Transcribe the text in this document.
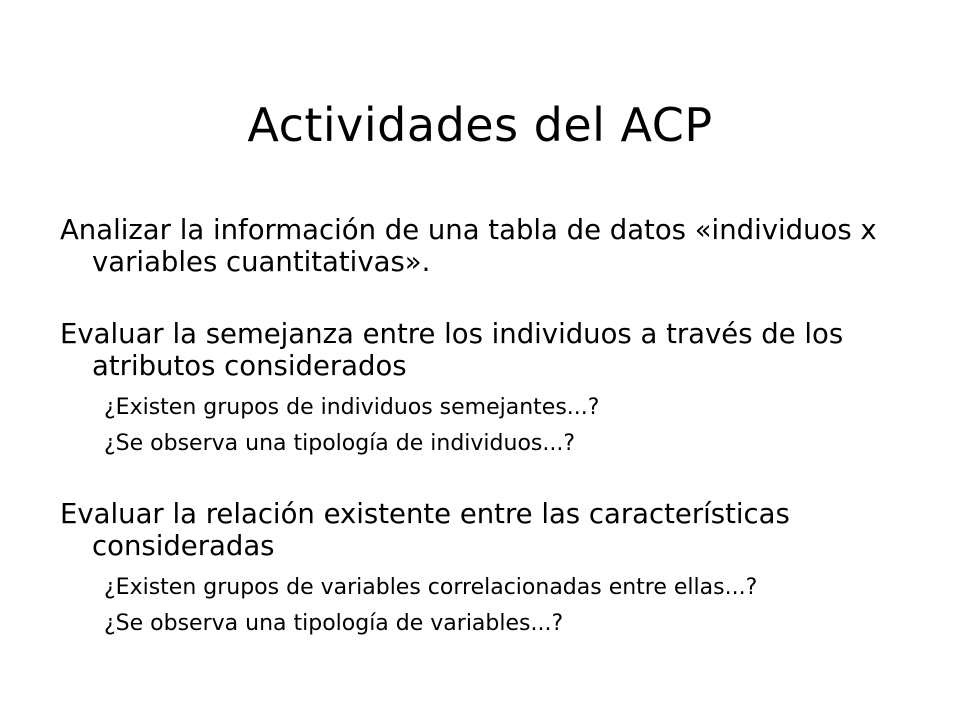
Actividades del ACP

Analizar la información de una tabla de datos «individuos x variables cuantitativas».

Evaluar la semejanza entre los individuos a través de los atributos considerados

¿Existen grupos de individuos semejantes...?

¿Se observa una tipología de individuos...?

Evaluar la relación existente entre las características consideradas

¿Existen grupos de variables correlacionadas entre ellas...?

¿Se observa una tipología de variables...?
